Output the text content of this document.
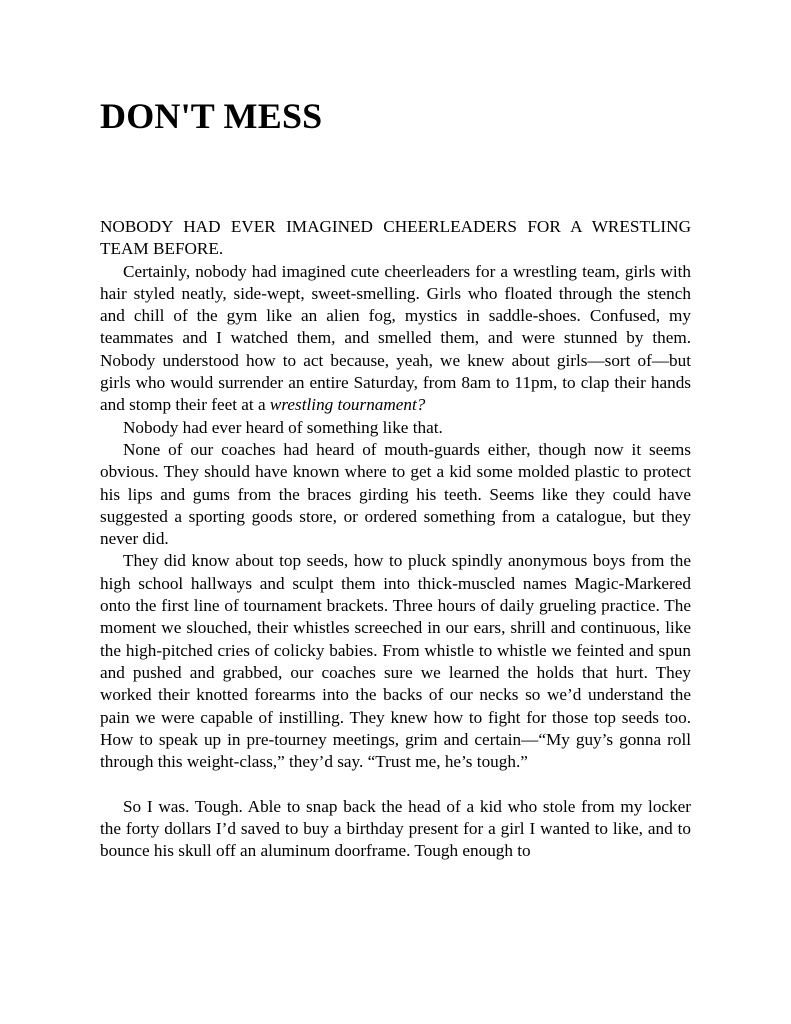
DON'T MESS

NOBODY HAD EVER IMAGINED CHEERLEADERS FOR A WRESTLING TEAM BEFORE.

Certainly, nobody had imagined cute cheerleaders for a wrestling team, girls with hair styled neatly, side-wept, sweet-smelling. Girls who floated through the stench and chill of the gym like an alien fog, mystics in saddle-shoes. Confused, my teammates and I watched them, and smelled them, and were stunned by them. Nobody understood how to act because, yeah, we knew about girls—sort of—but girls who would surrender an entire Saturday, from 8am to 11pm, to clap their hands and stomp their feet at a wrestling tournament?

Nobody had ever heard of something like that.

None of our coaches had heard of mouth-guards either, though now it seems obvious. They should have known where to get a kid some molded plastic to protect his lips and gums from the braces girding his teeth. Seems like they could have suggested a sporting goods store, or ordered something from a catalogue, but they never did.

They did know about top seeds, how to pluck spindly anonymous boys from the high school hallways and sculpt them into thick-muscled names Magic-Markered onto the first line of tournament brackets. Three hours of daily grueling practice. The moment we slouched, their whistles screeched in our ears, shrill and continuous, like the high-pitched cries of colicky babies. From whistle to whistle we feinted and spun and pushed and grabbed, our coaches sure we learned the holds that hurt. They worked their knotted forearms into the backs of our necks so we’d understand the pain we were capable of instilling. They knew how to fight for those top seeds too. How to speak up in pre-tourney meetings, grim and certain—“My guy’s gonna roll through this weight-class,” they’d say. “Trust me, he’s tough.”

So I was. Tough. Able to snap back the head of a kid who stole from my locker the forty dollars I’d saved to buy a birthday present for a girl I wanted to like, and to bounce his skull off an aluminum doorframe. Tough enough to
